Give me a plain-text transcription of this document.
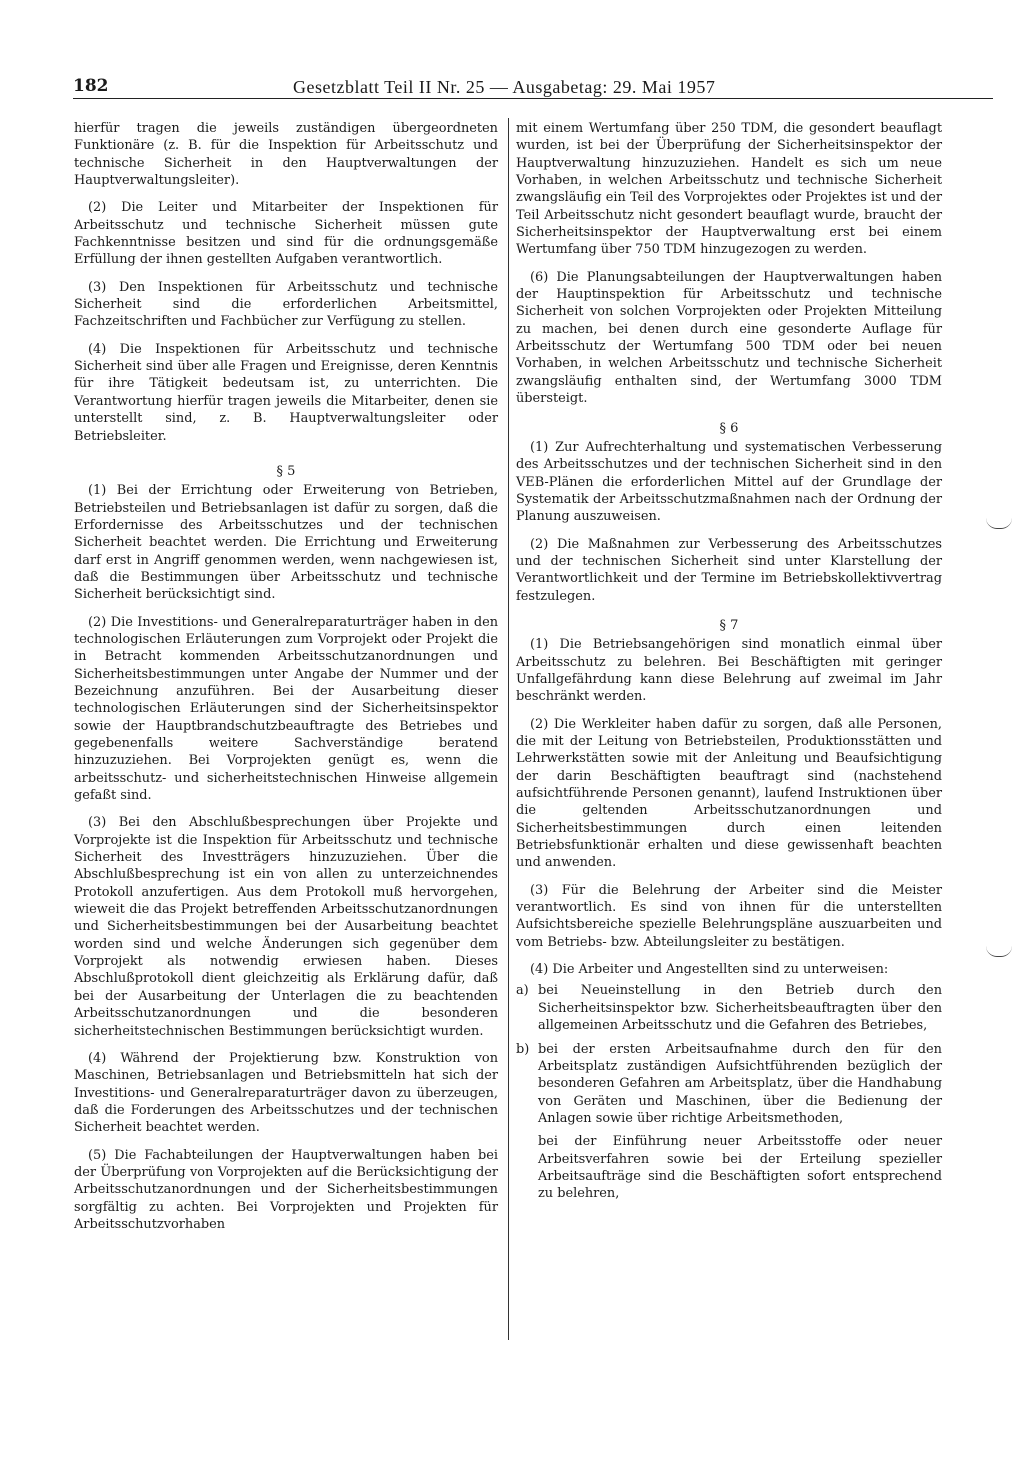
182	Gesetzblatt Teil II Nr. 25 — Ausgabetag: 29. Mai 1957

hierfür tragen die jeweils zuständigen übergeordneten Funktionäre (z. B. für die Inspektion für Arbeitsschutz und technische Sicherheit in den Hauptverwaltungen der Hauptverwaltungsleiter).

(2) Die Leiter und Mitarbeiter der Inspektionen für Arbeitsschutz und technische Sicherheit müssen gute Fachkenntnisse besitzen und sind für die ordnungsgemäße Erfüllung der ihnen gestellten Aufgaben verantwortlich.

(3) Den Inspektionen für Arbeitsschutz und technische Sicherheit sind die erforderlichen Arbeitsmittel, Fachzeitschriften und Fachbücher zur Verfügung zu stellen.

(4) Die Inspektionen für Arbeitsschutz und technische Sicherheit sind über alle Fragen und Ereignisse, deren Kenntnis für ihre Tätigkeit bedeutsam ist, zu unterrichten. Die Verantwortung hierfür tragen jeweils die Mitarbeiter, denen sie unterstellt sind, z. B. Hauptverwaltungsleiter oder Betriebsleiter.

§ 5

(1) Bei der Errichtung oder Erweiterung von Betrieben, Betriebsteilen und Betriebsanlagen ist dafür zu sorgen, daß die Erfordernisse des Arbeitsschutzes und der technischen Sicherheit beachtet werden. Die Errichtung und Erweiterung darf erst in Angriff genommen werden, wenn nachgewiesen ist, daß die Bestimmungen über Arbeitsschutz und technische Sicherheit berücksichtigt sind.

(2) Die Investitions- und Generalreparaturträger haben in den technologischen Erläuterungen zum Vorprojekt oder Projekt die in Betracht kommenden Arbeitsschutzanordnungen und Sicherheitsbestimmungen unter Angabe der Nummer und der Bezeichnung anzuführen. Bei der Ausarbeitung dieser technologischen Erläuterungen sind der Sicherheitsinspektor sowie der Hauptbrandschutzbeauftragte des Betriebes und gegebenenfalls weitere Sachverständige beratend hinzuzuziehen. Bei Vorprojekten genügt es, wenn die arbeitsschutz- und sicherheitstechnischen Hinweise allgemein gefaßt sind.

(3) Bei den Abschlußbesprechungen über Projekte und Vorprojekte ist die Inspektion für Arbeitsschutz und technische Sicherheit des Investträgers hinzuzuziehen. Über die Abschlußbesprechung ist ein von allen zu unterzeichnendes Protokoll anzufertigen. Aus dem Protokoll muß hervorgehen, wieweit die das Projekt betreffenden Arbeitsschutzanordnungen und Sicherheitsbestimmungen bei der Ausarbeitung beachtet worden sind und welche Änderungen sich gegenüber dem Vorprojekt als notwendig erwiesen haben. Dieses Abschlußprotokoll dient gleichzeitig als Erklärung dafür, daß bei der Ausarbeitung der Unterlagen die zu beachtenden Arbeitsschutzanordnungen und die besonderen sicherheitstechnischen Bestimmungen berücksichtigt wurden.

(4) Während der Projektierung bzw. Konstruktion von Maschinen, Betriebsanlagen und Betriebsmitteln hat sich der Investitions- und Generalreparaturträger davon zu überzeugen, daß die Forderungen des Arbeitsschutzes und der technischen Sicherheit beachtet werden.

(5) Die Fachabteilungen der Hauptverwaltungen haben bei der Überprüfung von Vorprojekten auf die Berücksichtigung der Arbeitsschutzanordnungen und der Sicherheitsbestimmungen sorgfältig zu achten. Bei Vorprojekten und Projekten für Arbeitsschutzvorhaben

mit einem Wertumfang über 250 TDM, die gesondert beauflagt wurden, ist bei der Überprüfung der Sicherheitsinspektor der Hauptverwaltung hinzuzuziehen. Handelt es sich um neue Vorhaben, in welchen Arbeitsschutz und technische Sicherheit zwangsläufig ein Teil des Vorprojektes oder Projektes ist und der Teil Arbeitsschutz nicht gesondert beauflagt wurde, braucht der Sicherheitsinspektor der Hauptverwaltung erst bei einem Wertumfang über 750 TDM hinzugezogen zu werden.

(6) Die Planungsabteilungen der Hauptverwaltungen haben der Hauptinspektion für Arbeitsschutz und technische Sicherheit von solchen Vorprojekten oder Projekten Mitteilung zu machen, bei denen durch eine gesonderte Auflage für Arbeitsschutz der Wertumfang 500 TDM oder bei neuen Vorhaben, in welchen Arbeitsschutz und technische Sicherheit zwangsläufig enthalten sind, der Wertumfang 3000 TDM übersteigt.

§ 6

(1) Zur Aufrechterhaltung und systematischen Verbesserung des Arbeitsschutzes und der technischen Sicherheit sind in den VEB-Plänen die erforderlichen Mittel auf der Grundlage der Systematik der Arbeitsschutzmaßnahmen nach der Ordnung der Planung auszuweisen.

(2) Die Maßnahmen zur Verbesserung des Arbeitsschutzes und der technischen Sicherheit sind unter Klarstellung der Verantwortlichkeit und der Termine im Betriebskollektivvertrag festzulegen.

§ 7

(1) Die Betriebsangehörigen sind monatlich einmal über Arbeitsschutz zu belehren. Bei Beschäftigten mit geringer Unfallgefährdung kann diese Belehrung auf zweimal im Jahr beschränkt werden.

(2) Die Werkleiter haben dafür zu sorgen, daß alle Personen, die mit der Leitung von Betriebsteilen, Produktionsstätten und Lehrwerkstätten sowie mit der Anleitung und Beaufsichtigung der darin Beschäftigten beauftragt sind (nachstehend aufsichtführende Personen genannt), laufend Instruktionen über die geltenden Arbeitsschutzanordnungen und Sicherheitsbestimmungen durch einen leitenden Betriebsfunktionär erhalten und diese gewissenhaft beachten und anwenden.

(3) Für die Belehrung der Arbeiter sind die Meister verantwortlich. Es sind von ihnen für die unterstellten Aufsichtsbereiche spezielle Belehrungspläne auszuarbeiten und vom Betriebs- bzw. Abteilungsleiter zu bestätigen.

(4) Die Arbeiter und Angestellten sind zu unterweisen:

a) bei Neueinstellung in den Betrieb durch den Sicherheitsinspektor bzw. Sicherheitsbeauftragten über den allgemeinen Arbeitsschutz und die Gefahren des Betriebes,
b) bei der ersten Arbeitsaufnahme durch den für den Arbeitsplatz zuständigen Aufsichtführenden bezüglich der besonderen Gefahren am Arbeitsplatz, über die Handhabung von Geräten und Maschinen, über die Bedienung der Anlagen sowie über richtige Arbeitsmethoden,

bei der Einführung neuer Arbeitsstoffe oder neuer Arbeitsverfahren sowie bei der Erteilung spezieller Arbeitsaufträge sind die Beschäftigten sofort entsprechend zu belehren,
